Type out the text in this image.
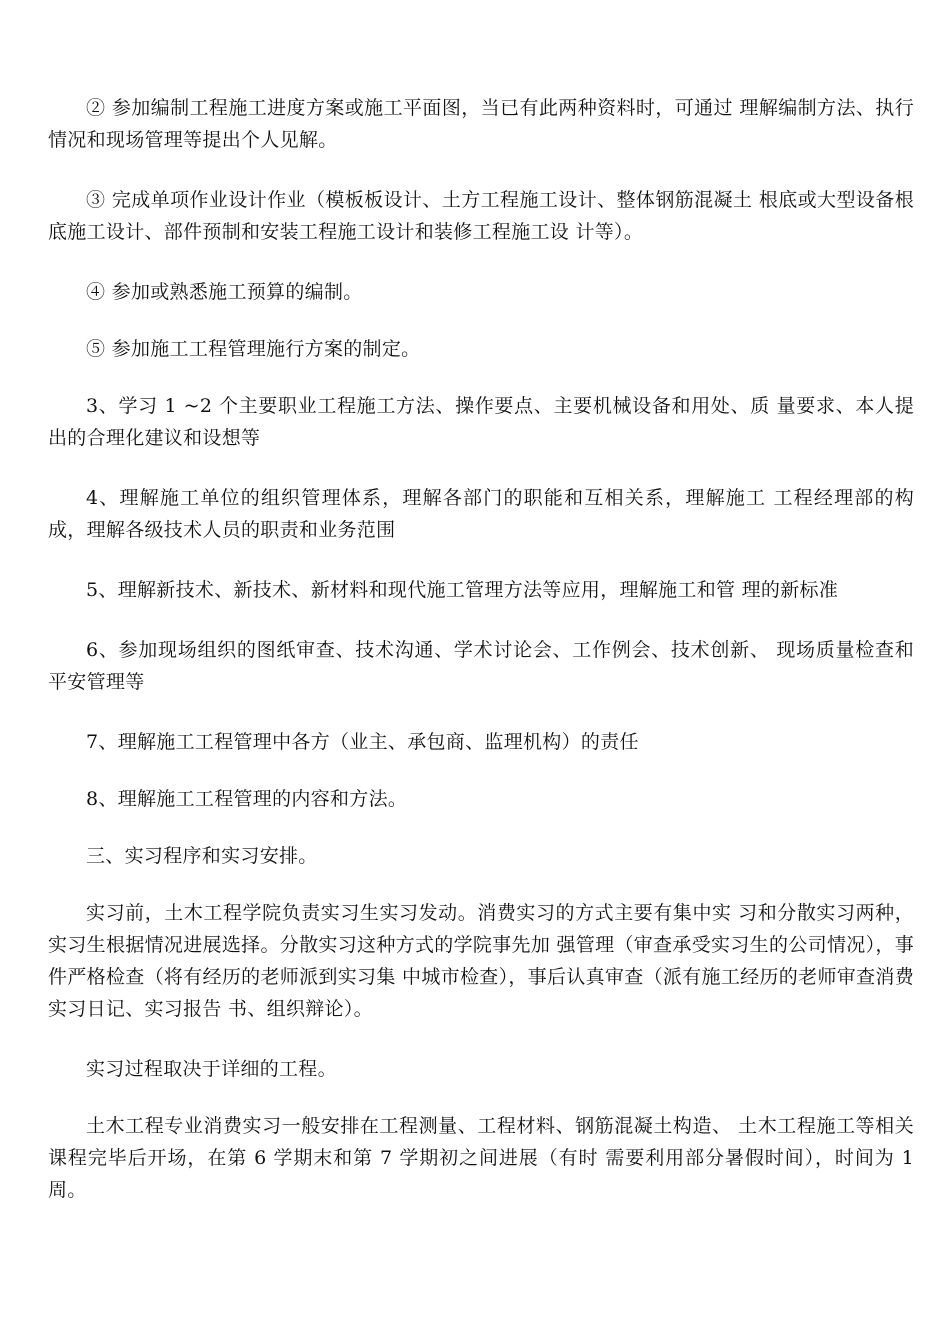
② 参加编制工程施工进度方案或施工平面图，当已有此两种资料时，可通过 理解编制方法、执行情况和现场管理等提出个人见解。

③ 完成单项作业设计作业（模板板设计、土方工程施工设计、整体钢筋混凝土 根底或大型设备根底施工设计、部件预制和安装工程施工设计和装修工程施工设 计等）。

④ 参加或熟悉施工预算的编制。

⑤ 参加施工工程管理施行方案的制定。

3、学习 1 ~2 个主要职业工程施工方法、操作要点、主要机械设备和用处、质 量要求、本人提出的合理化建议和设想等

4、理解施工单位的组织管理体系，理解各部门的职能和互相关系，理解施工 工程经理部的构成，理解各级技术人员的职责和业务范围

5、理解新技术、新技术、新材料和现代施工管理方法等应用，理解施工和管 理的新标准

6、参加现场组织的图纸审查、技术沟通、学术讨论会、工作例会、技术创新、 现场质量检查和平安管理等

7、理解施工工程管理中各方（业主、承包商、监理机构）的责任

8、理解施工工程管理的内容和方法。

三、实习程序和实习安排。

实习前，土木工程学院负责实习生实习发动。消费实习的方式主要有集中实 习和分散实习两种，实习生根据情况进展选择。分散实习这种方式的学院事先加 强管理（审查承受实习生的公司情况），事件严格检查（将有经历的老师派到实习集 中城市检查），事后认真审查（派有施工经历的老师审查消费实习日记、实习报告 书、组织辩论）。

实习过程取决于详细的工程。

土木工程专业消费实习一般安排在工程测量、工程材料、钢筋混凝土构造、 土木工程施工等相关课程完毕后开场，在第 6 学期末和第 7 学期初之间进展（有时 需要利用部分暑假时间），时间为 1 周。
